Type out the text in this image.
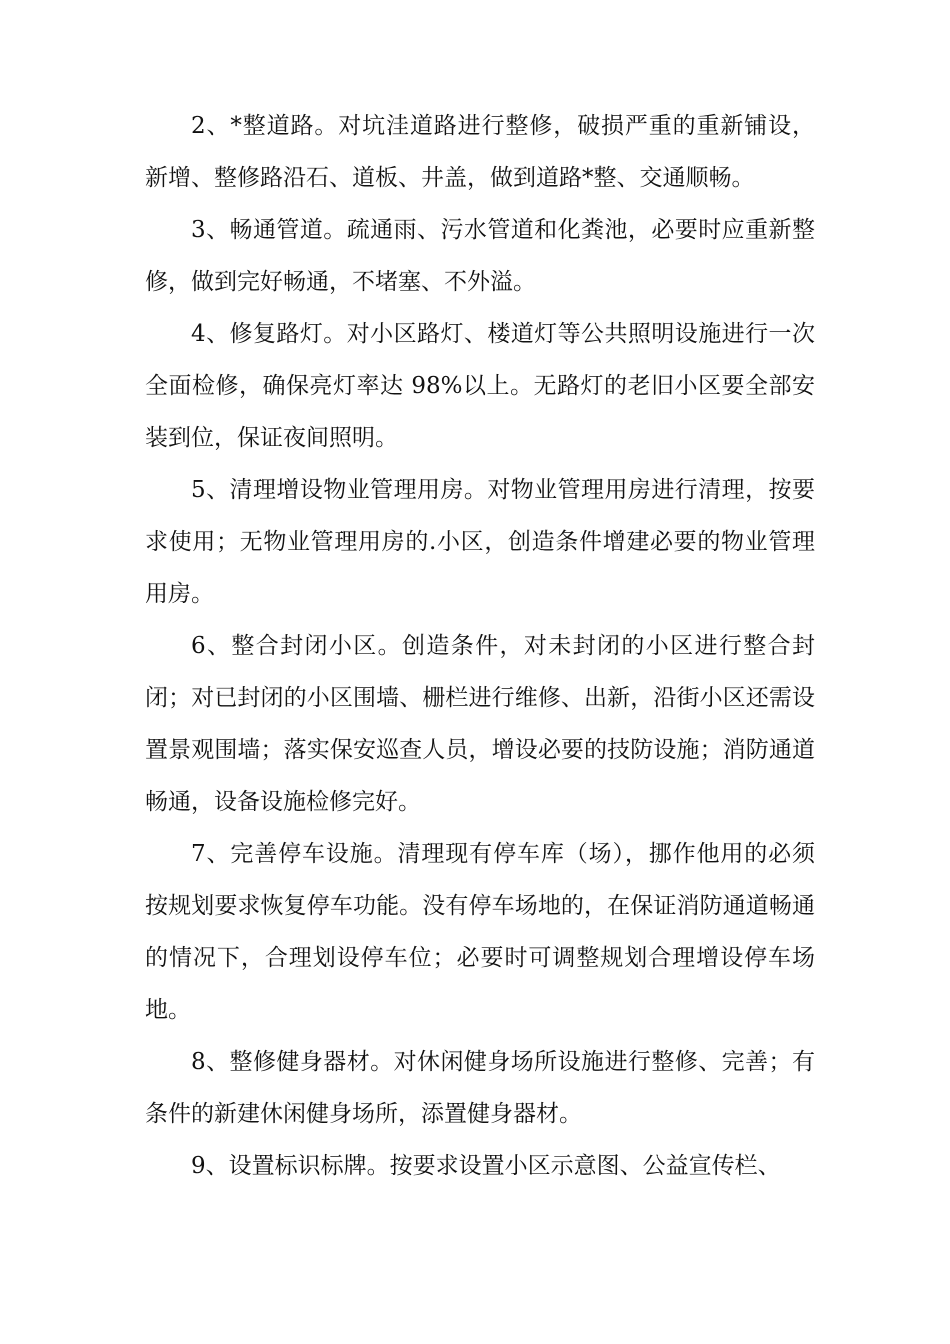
2、*整道路。对坑洼道路进行整修，破损严重的重新铺设，新增、整修路沿石、道板、井盖，做到道路*整、交通顺畅。

3、畅通管道。疏通雨、污水管道和化粪池，必要时应重新整修，做到完好畅通，不堵塞、不外溢。

4、修复路灯。对小区路灯、楼道灯等公共照明设施进行一次全面检修，确保亮灯率达 98%以上。无路灯的老旧小区要全部安装到位，保证夜间照明。

5、清理增设物业管理用房。对物业管理用房进行清理，按要求使用；无物业管理用房的.小区，创造条件增建必要的物业管理用房。

6、整合封闭小区。创造条件，对未封闭的小区进行整合封闭；对已封闭的小区围墙、栅栏进行维修、出新，沿街小区还需设置景观围墙；落实保安巡查人员，增设必要的技防设施；消防通道畅通，设备设施检修完好。

7、完善停车设施。清理现有停车库（场），挪作他用的必须按规划要求恢复停车功能。没有停车场地的，在保证消防通道畅通的情况下，合理划设停车位；必要时可调整规划合理增设停车场地。

8、整修健身器材。对休闲健身场所设施进行整修、完善；有条件的新建休闲健身场所，添置健身器材。

9、设置标识标牌。按要求设置小区示意图、公益宣传栏、
